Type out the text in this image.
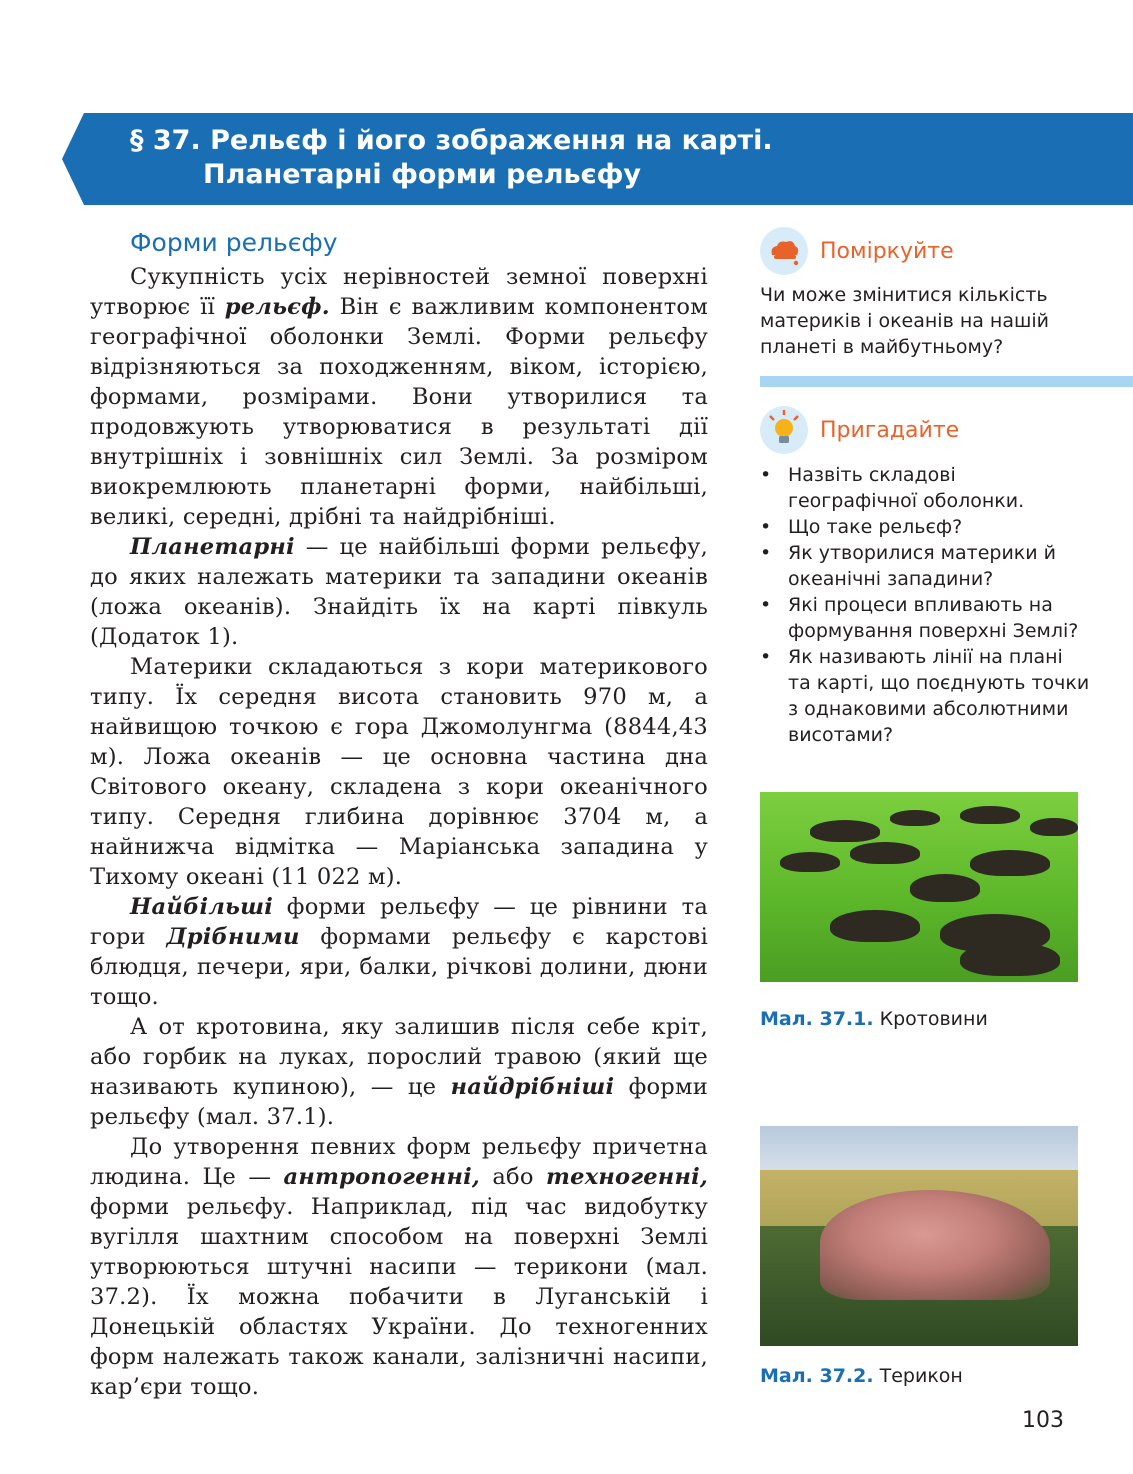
§ 37. Рельєф і його зображення на карті.
Планетарні форми рельєфу
Форми рельєфу

Сукупність усіх нерівностей земної поверхні утворює її рельєф. Він є важливим компонентом географічної оболонки Землі. Форми рельєфу відрізняються за походженням, віком, історією, формами, розмірами. Вони утворилися та продовжують утворюватися в результаті дії внутрішніх і зовнішніх сил Землі. За розміром виокремлюють планетарні форми, найбільші, великі, середні, дрібні та найдрібніші.

Планетарні — це найбільші форми рельєфу, до яких належать материки та западини океанів (ложа океанів). Знайдіть їх на карті півкуль (Додаток 1).

Материки складаються з кори материкового типу. Їх середня висота становить 970 м, а найвищою точкою є гора Джомолунгма (8844,43 м). Ложа океанів — це основна частина дна Світового океану, складена з кори океанічного типу. Середня глибина дорівнює 3704 м, а найнижча відмітка — Маріанська западина у Тихому океані (11 022 м).

Найбільші форми рельєфу — це рівнини та гори Дрібними формами рельєфу є карстові блюдця, печери, яри, балки, річкові долини, дюни тощо.

А от кротовина, яку залишив після себе кріт, або горбик на луках, порослий травою (який ще називають купиною), — це найдрібніші форми рельєфу (мал. 37.1).

До утворення певних форм рельєфу причетна людина. Це — антропогенні, або техногенні, форми рельєфу. Наприклад, під час видобутку вугілля шахтним способом на поверхні Землі утворюються штучні насипи — терикони (мал. 37.2). Їх можна побачити в Луганській і Донецькій областях України. До техногенних форм належать також канали, залізничні насипи, кар’єри тощо.

Поміркуйте
Чи може змінитися кількість материків і океанів на нашій планеті в майбутньому?
Пригадайте
• Назвіть складові географічної оболонки.
• Що таке рельєф?
• Як утворилися материки й океанічні западини?
• Які процеси впливають на формування поверхні Землі?
• Як називають лінії на плані та карті, що поєднують точки з однаковими абсолютними висотами?
Мал. 37.1. Кротовини
Мал. 37.2. Терикон
103
